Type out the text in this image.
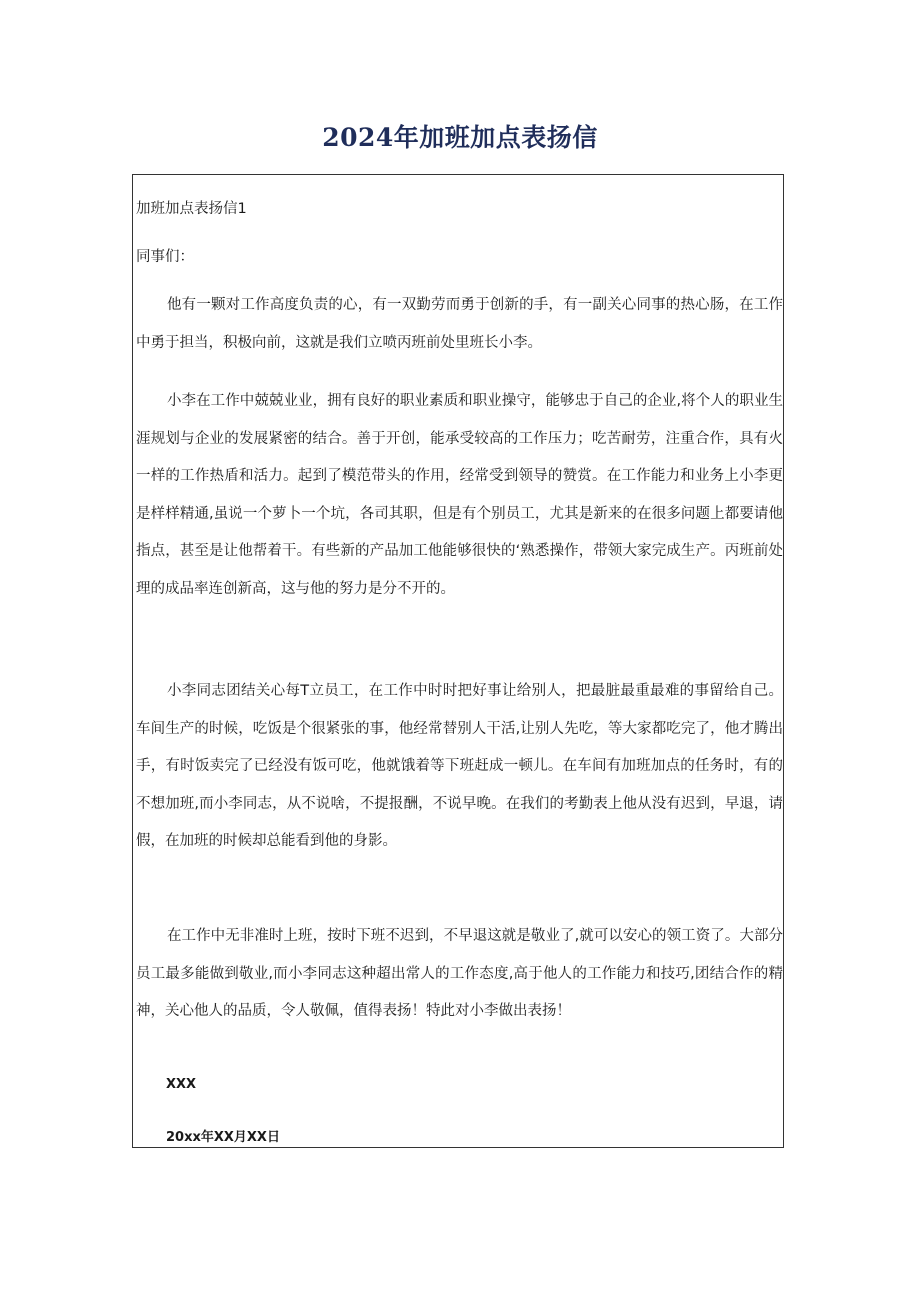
2024年加班加点表扬信
加班加点表扬信1
同事们：

他有一颗对工作高度负责的心，有一双勤劳而勇于创新的手，有一副关心同事的热心肠，在工作中勇于担当，积极向前，这就是我们立喷丙班前处里班长小李。

小李在工作中兢兢业业，拥有良好的职业素质和职业操守，能够忠于自己的企业,将个人的职业生涯规划与企业的发展紧密的结合。善于开创，能承受较高的工作压力；吃苦耐劳，注重合作，具有火一样的工作热盾和活力。起到了模范带头的作用，经常受到领导的赞赏。在工作能力和业务上小李更是样样精通,虽说一个萝卜一个坑，各司其职，但是有个别员工，尤其是新来的在很多问题上都要请他指点，甚至是让他帮着干。有些新的产品加工他能够很快的‘熟悉操作，带领大家完成生产。丙班前处理的成品率连创新高，这与他的努力是分不开的。

小李同志团结关心每T立员工，在工作中时时把好事让给别人，把最脏最重最难的事留给自己。车间生产的时候，吃饭是个很紧张的事，他经常替别人干活,让别人先吃，等大家都吃完了，他才腾出手，有时饭卖完了已经没有饭可吃，他就饿着等下班赶成一顿儿。在车间有加班加点的任务时，有的不想加班,而小李同志，从不说啥，不提报酬，不说早晚。在我们的考勤表上他从没有迟到，早退，请假，在加班的时候却总能看到他的身影。

在工作中无非准时上班，按时下班不迟到，不早退这就是敬业了,就可以安心的领工资了。大部分员工最多能做到敬业,而小李同志这种超出常人的工作态度,高于他人的工作能力和技巧,团结合作的精神，关心他人的品质，令人敬佩，值得表扬！特此对小李做出表扬！

XXX
20xx年XX月XX日
